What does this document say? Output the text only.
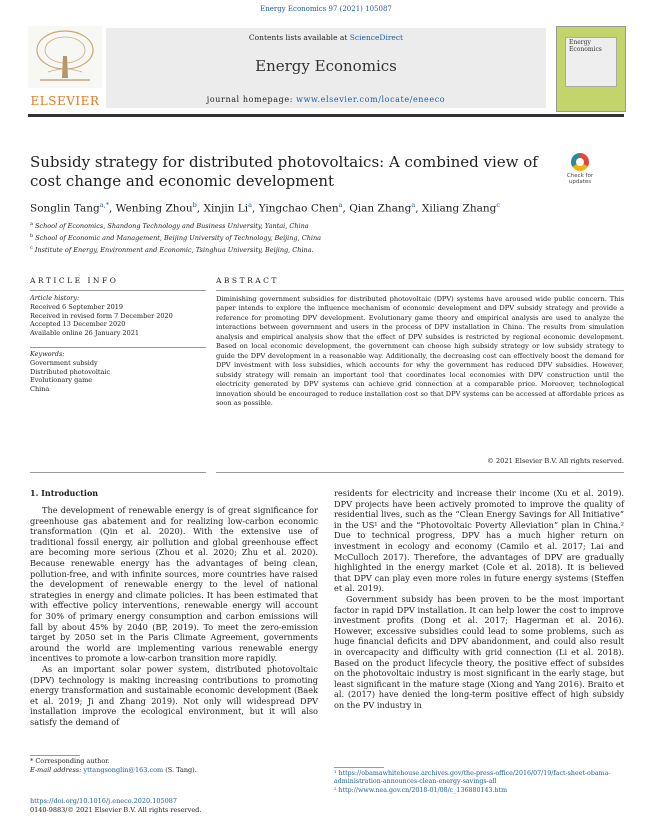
Energy Economics 97 (2021) 105087
ELSEVIER
Contents lists available at ScienceDirect
Energy Economics
journal homepage: www.elsevier.com/locate/eneeco
Energy Economics
Subsidy strategy for distributed photovoltaics: A combined view of cost change and economic development	Check for updates
Songlin Tang$^{a,*}$, Wenbing Zhou$^b$, Xinjin Li$^a$, Yingchao Chen$^a$, Qian Zhang$^a$, Xiliang Zhang$^c$
$^a$ School of Economics, Shandong Technology and Business University, Yantai, China
$^b$ School of Economic and Management, Beijing University of Technology, Beijing, China
$^c$ Institute of Energy, Environment and Economic, Tsinghua University, Beijing, China.
ARTICLE INFO	ABSTRACT
Article history:
Received 6 September 2019
Received in revised form 7 December 2020
Accepted 13 December 2020
Available online 26 January 2021
Keywords:
Government subsidy
Distributed photovoltaic
Evolutionary game
China
Diminishing government subsidies for distributed photovoltaic (DPV) systems have aroused wide public concern. This paper intends to explore the influence mechanism of economic development and DPV subsidy strategy and provide a reference for promoting DPV development. Evolutionary game theory and empirical analysis are used to analyze the interactions between government and users in the process of DPV installation in China. The results from simulation analysis and empirical analysis show that the effect of DPV subsides is restricted by regional economic development. Based on local economic development, the government can choose high subsidy strategy or low subsidy strategy to guide the DPV development in a reasonable way. Additionally, the decreasing cost can effectively boost the demand for DPV investment with less subsidies, which accounts for why the government has reduced DPV subsidies. However, subsidy strategy will remain an important tool that coordinates local economies with DPV construction until the electricity generated by DPV systems can achieve grid connection at a comparable price. Moreover, technological innovation should be encouraged to reduce installation cost so that DPV systems can be accessed at affordable prices as soon as possible.
© 2021 Elsevier B.V. All rights reserved.
1. Introduction

The development of renewable energy is of great significance for greenhouse gas abatement and for realizing low-carbon economic transformation (Qin et al. 2020). With the extensive use of traditional fossil energy, air pollution and global greenhouse effect are becoming more serious (Zhou et al. 2020; Zhu et al. 2020). Because renewable energy has the advantages of being clean, pollution-free, and with infinite sources, more countries have raised the development of renewable energy to the level of national strategies in energy and climate policies. It has been estimated that with effective policy interventions, renewable energy will account for 30% of primary energy consumption and carbon emissions will fall by about 45% by 2040 (BP, 2019). To meet the zero-emission target by 2050 set in the Paris Climate Agreement, governments around the world are implementing various renewable energy incentives to promote a low-carbon transition more rapidly.

As an important solar power system, distributed photovoltaic (DPV) technology is making increasing contributions to promoting energy transformation and sustainable economic development (Baek et al. 2019; Ji and Zhang 2019). Not only will widespread DPV installation improve the ecological environment, but it will also satisfy the demand of

residents for electricity and increase their income (Xu et al. 2019). DPV projects have been actively promoted to improve the quality of residential lives, such as the “Clean Energy Savings for All Initiative” in the US¹ and the “Photovoltaic Poverty Alleviation” plan in China.² Due to technical progress, DPV has a much higher return on investment in ecology and economy (Camilo et al. 2017; Lai and McCulloch 2017). Therefore, the advantages of DPV are gradually highlighted in the energy market (Cole et al. 2018). It is believed that DPV can play even more roles in future energy systems (Steffen et al. 2019).

Government subsidy has been proven to be the most important factor in rapid DPV installation. It can help lower the cost to improve investment profits (Dong et al. 2017; Hagerman et al. 2016). However, excessive subsidies could lead to some problems, such as huge financial deficits and DPV abandonment, and could also result in overcapacity and difficulty with grid connection (Li et al. 2018). Based on the product lifecycle theory, the positive effect of subsides on the photovoltaic industry is most significant in the early stage, but least significant in the mature stage (Xiong and Yang 2016). Braito et al. (2017) have denied the long-term positive effect of high subsidy on the PV industry in

* Corresponding author.
E-mail address: yttangsonglin@163.com (S. Tang).	¹ https://obamawhitehouse.archives.gov/the-press-office/2016/07/19/fact-sheet-obama-administration-announces-clean-energy-savings-all
² http://www.nea.gov.cn/2018-01/08/c_136880143.htm
https://doi.org/10.1016/j.eneco.2020.105087
0140-9883/© 2021 Elsevier B.V. All rights reserved.
